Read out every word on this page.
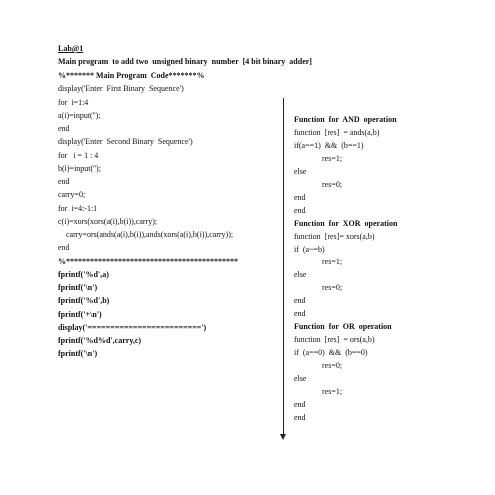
Lab@1
Main program  to add two  unsigned binary  number  [4 bit binary  adder]
%******* Main Program  Code*******%
display('Enter  First Binary  Sequence')
for  i=1:4
a(i)=input('');
end
display('Enter  Second Binary  Sequence')
for   i = 1 : 4
b(i)=input('');
end
carry=0;
for  i=4:-1:1
c(i)=xors(xors(a(i),b(i)),carry);
carry=ors(ands(a(i),b(i)),ands(xors(a(i),b(i)),carry));
end
%*******************************************
fprintf('%d',a)
fprintf('\n')
fprintf('%d',b)
fprintf('+\n')
display('=========================')
fprintf('%d%d',carry,c)
fprintf('\n')
Function  for  AND  operation
function  [res]  = ands(a,b)
if(a==1)  &&  (b==1)
res=1;
else
res=0;
end
end
Function  for  XOR  operation
function  [res]= xors(a,b)
if  (a~=b)
res=1;
else
res=0;
end
end
Function  for  OR  operation
function  [res]  = ors(a,b)
if  (a==0)  &&  (b==0)
res=0;
else
res=1;
end
end
